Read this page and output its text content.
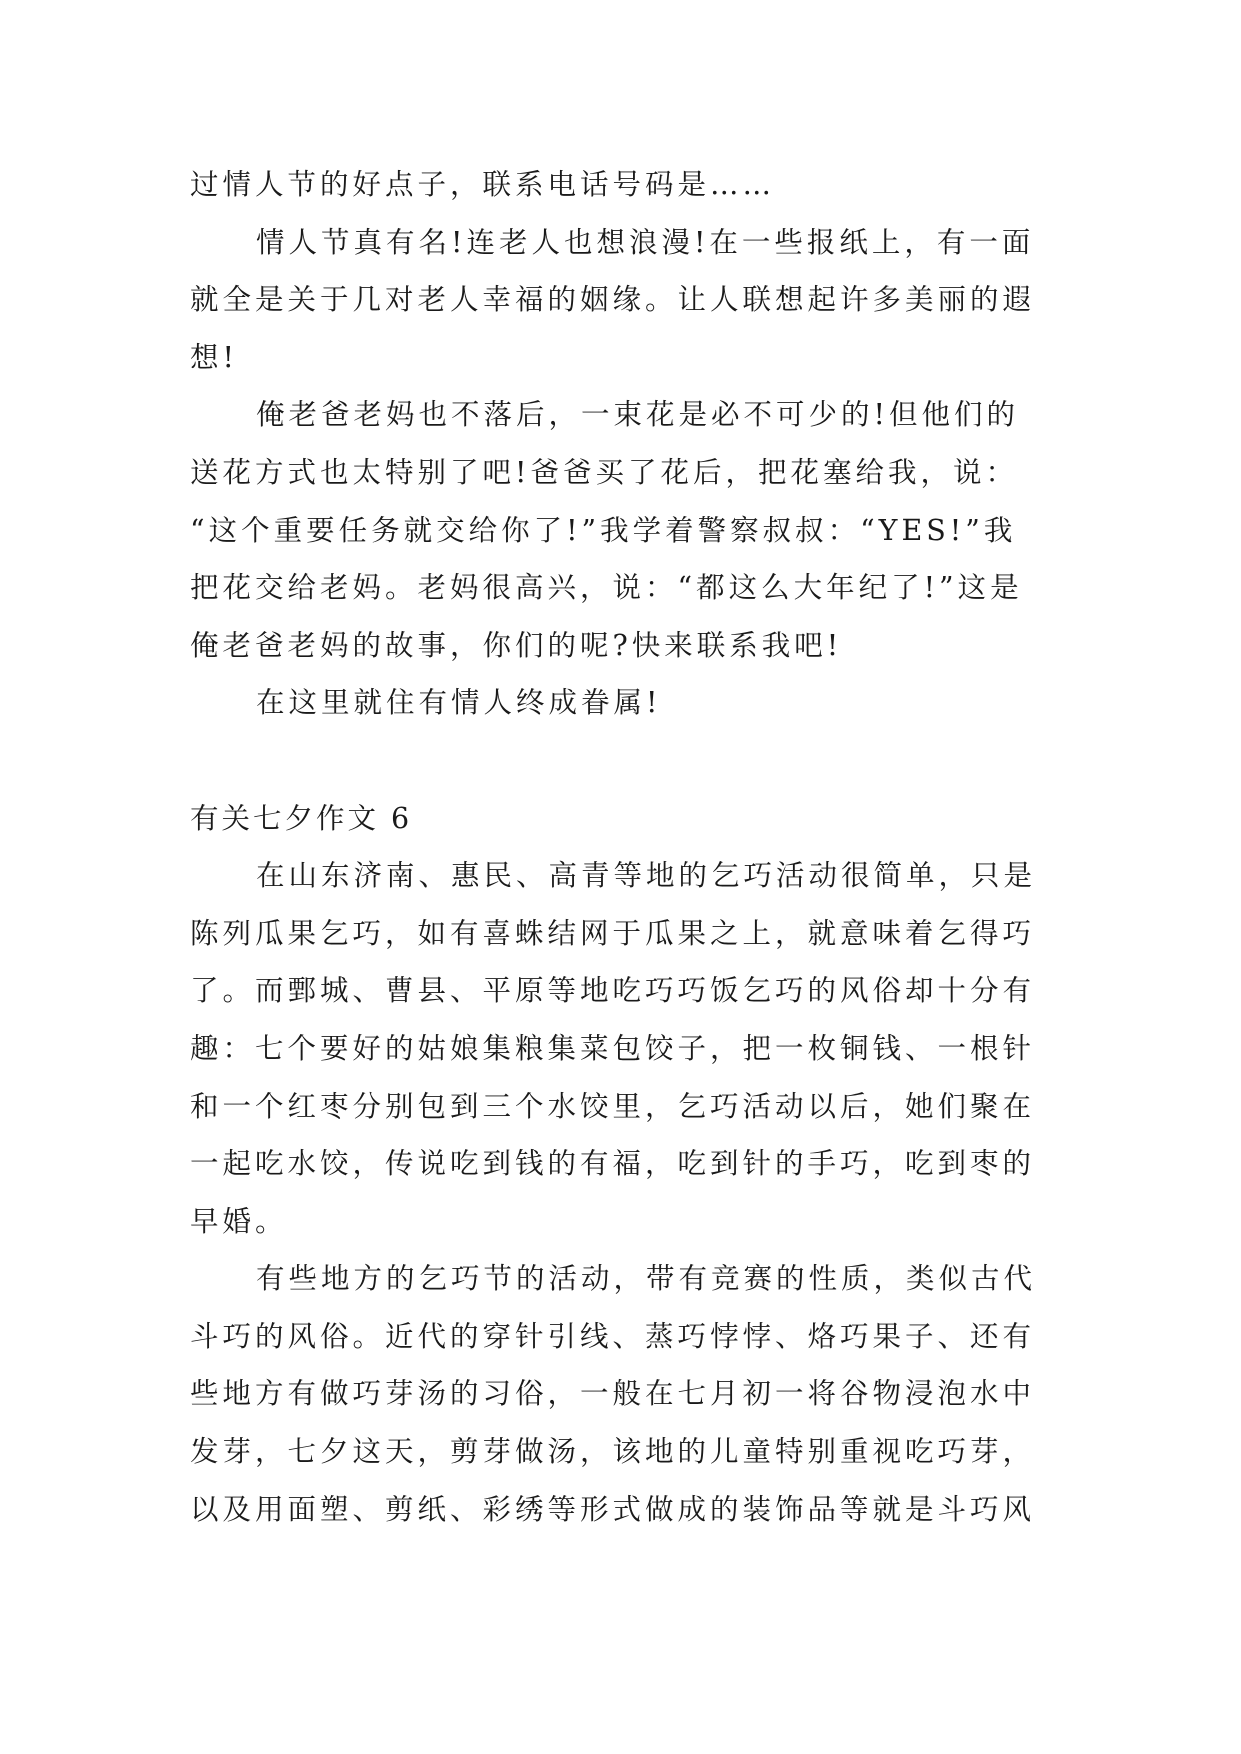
过情人节的好点子，联系电话号码是……

情人节真有名!连老人也想浪漫!在一些报纸上，有一面

就全是关于几对老人幸福的姻缘。让人联想起许多美丽的遐

想!

俺老爸老妈也不落后，一束花是必不可少的!但他们的

送花方式也太特别了吧!爸爸买了花后，把花塞给我，说：

“这个重要任务就交给你了!”我学着警察叔叔：“YES!”我

把花交给老妈。老妈很高兴，说：“都这么大年纪了!”这是

俺老爸老妈的故事，你们的呢?快来联系我吧!

在这里就住有情人终成眷属!

有关七夕作文 6

在山东济南、惠民、高青等地的乞巧活动很简单，只是

陈列瓜果乞巧，如有喜蛛结网于瓜果之上，就意味着乞得巧

了。而鄄城、曹县、平原等地吃巧巧饭乞巧的风俗却十分有

趣：七个要好的姑娘集粮集菜包饺子，把一枚铜钱、一根针

和一个红枣分别包到三个水饺里，乞巧活动以后，她们聚在

一起吃水饺，传说吃到钱的有福，吃到针的手巧，吃到枣的

早婚。

有些地方的乞巧节的活动，带有竞赛的性质，类似古代

斗巧的风俗。近代的穿针引线、蒸巧悖悖、烙巧果子、还有

些地方有做巧芽汤的习俗，一般在七月初一将谷物浸泡水中

发芽，七夕这天，剪芽做汤，该地的儿童特别重视吃巧芽，

以及用面塑、剪纸、彩绣等形式做成的装饰品等就是斗巧风
